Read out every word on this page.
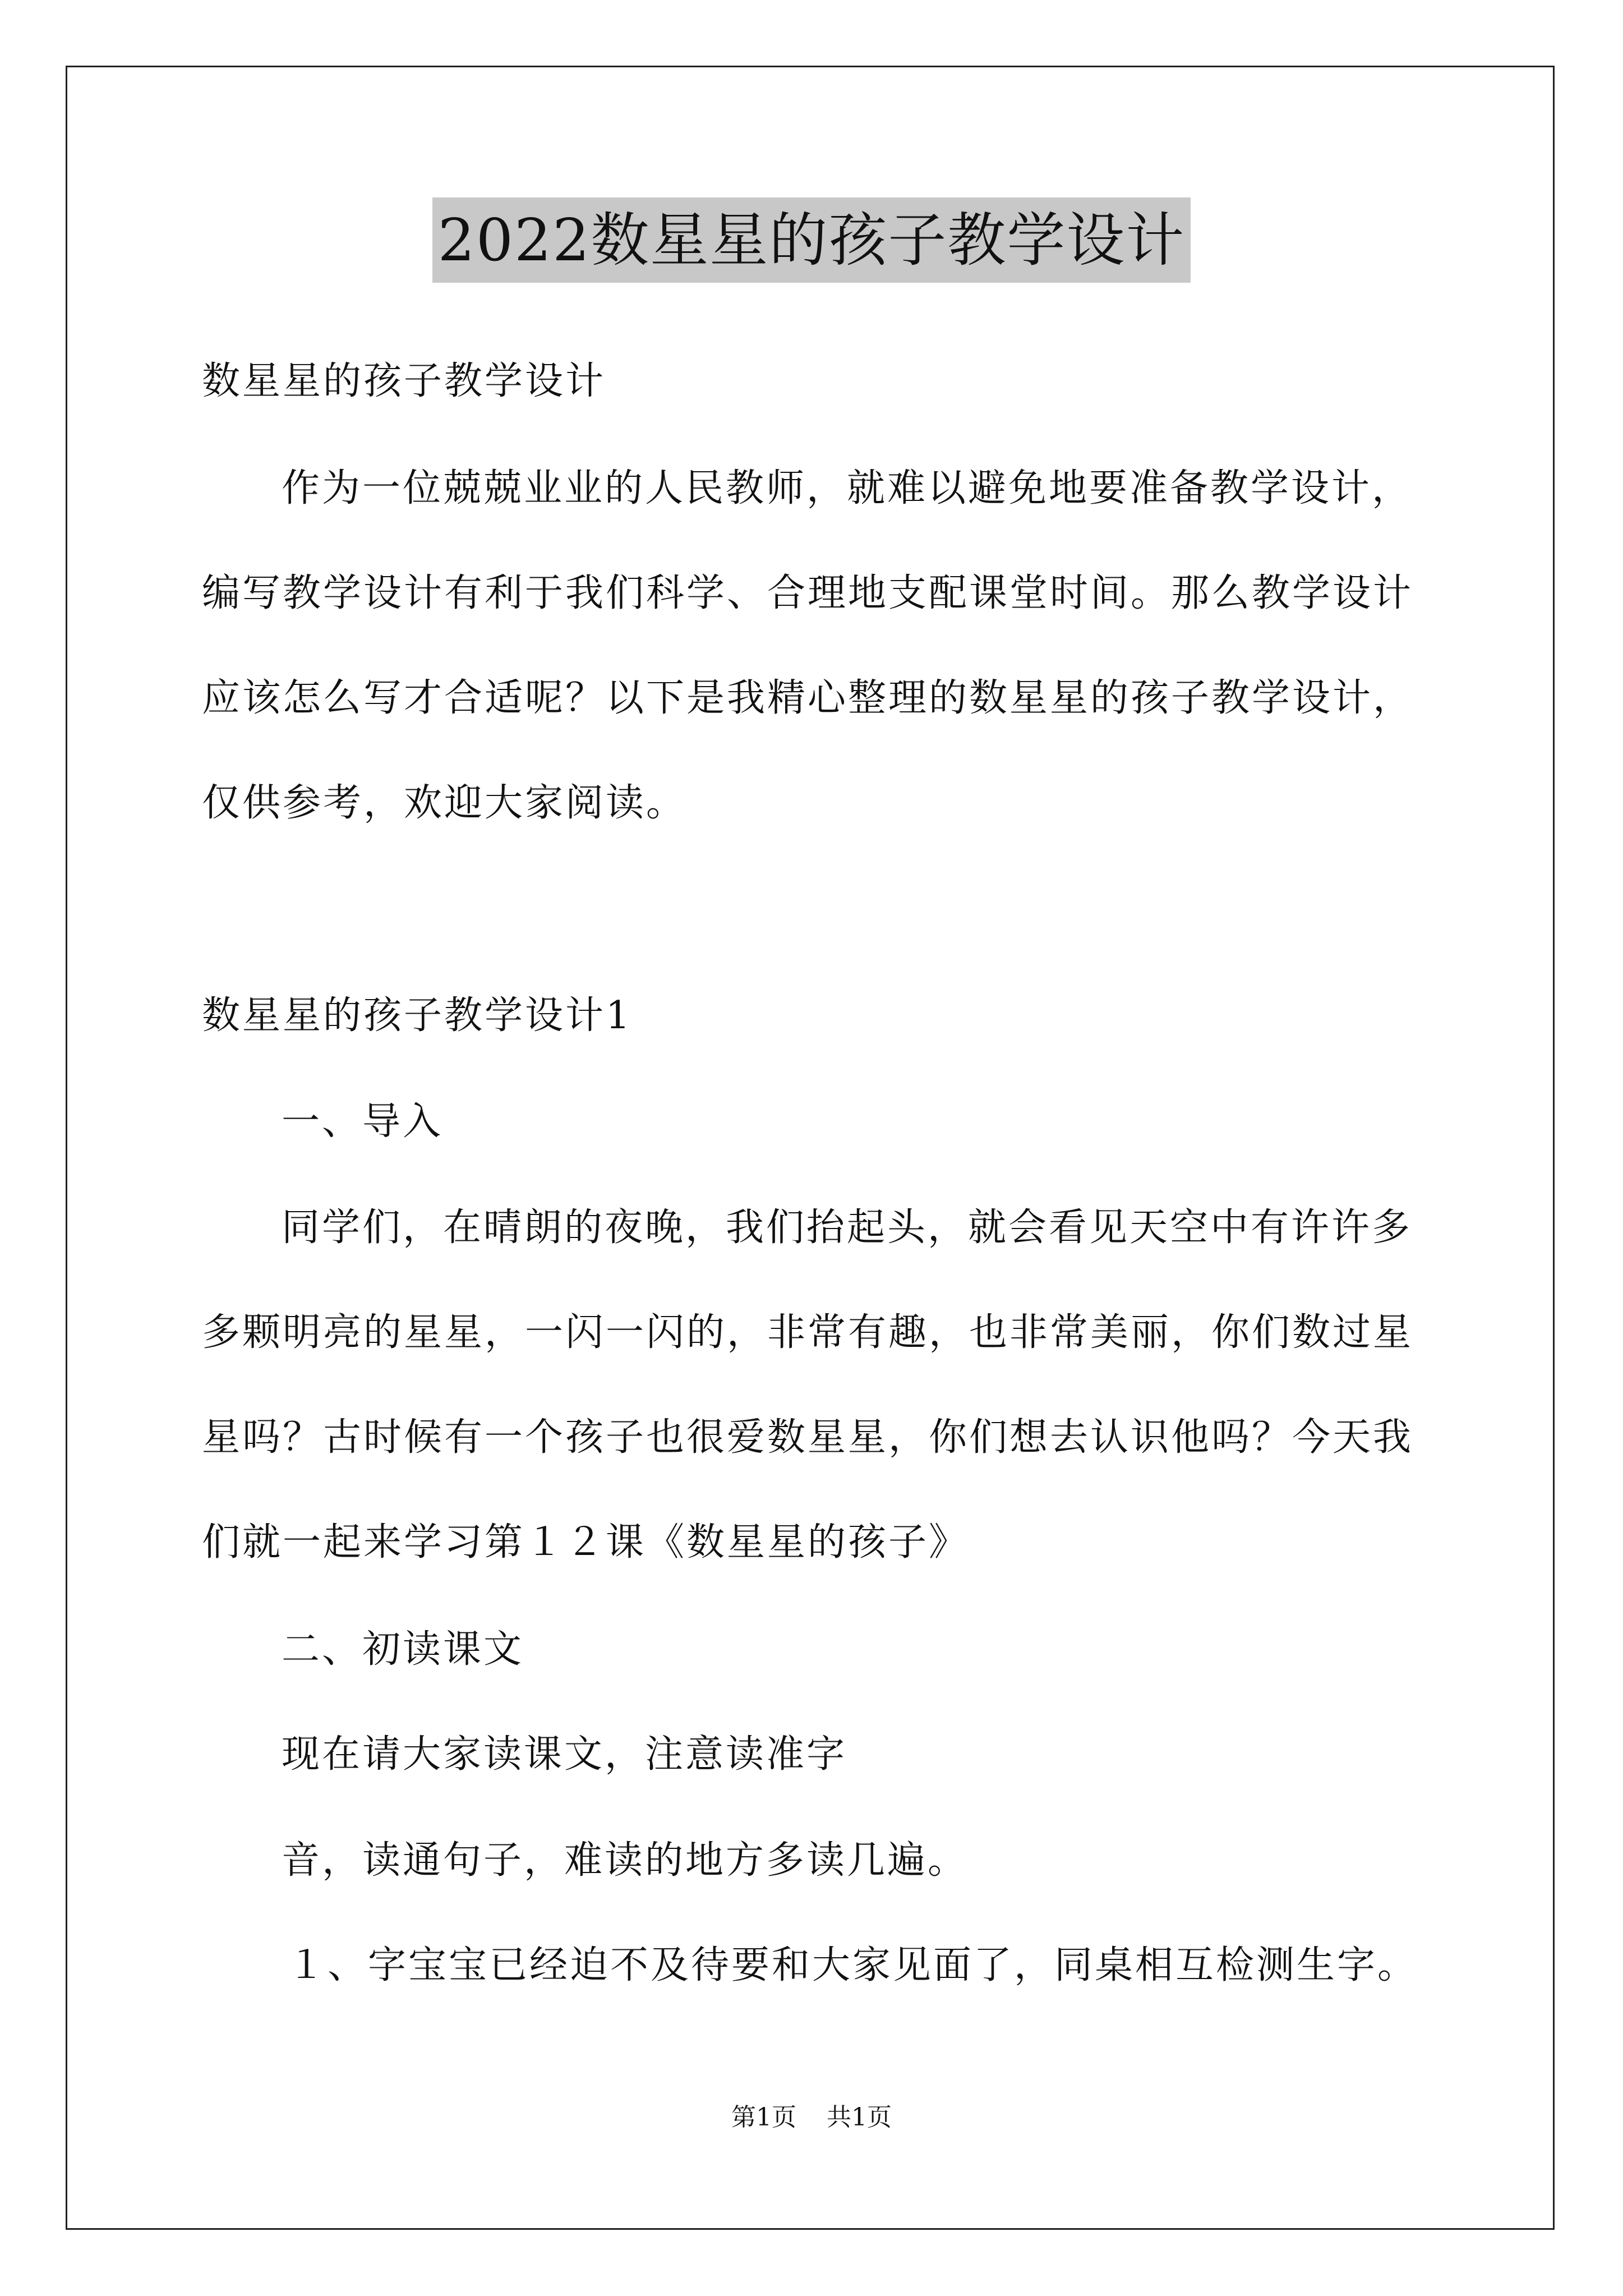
2022数星星的孩子教学设计
数星星的孩子教学设计
作为一位兢兢业业的人民教师，就难以避免地要准备教学设计，
编写教学设计有利于我们科学、合理地支配课堂时间。那么教学设计
应该怎么写才合适呢？以下是我精心整理的数星星的孩子教学设计，
仅供参考，欢迎大家阅读。
数星星的孩子教学设计1
一、导入
同学们，在晴朗的夜晚，我们抬起头，就会看见天空中有许许多
多颗明亮的星星，一闪一闪的，非常有趣，也非常美丽，你们数过星
星吗？古时候有一个孩子也很爱数星星，你们想去认识他吗？今天我
们就一起来学习第１２课《数星星的孩子》
二、初读课文
现在请大家读课文，注意读准字
音，读通句子，难读的地方多读几遍。
１、字宝宝已经迫不及待要和大家见面了，同桌相互检测生字。
第1页 共1页
